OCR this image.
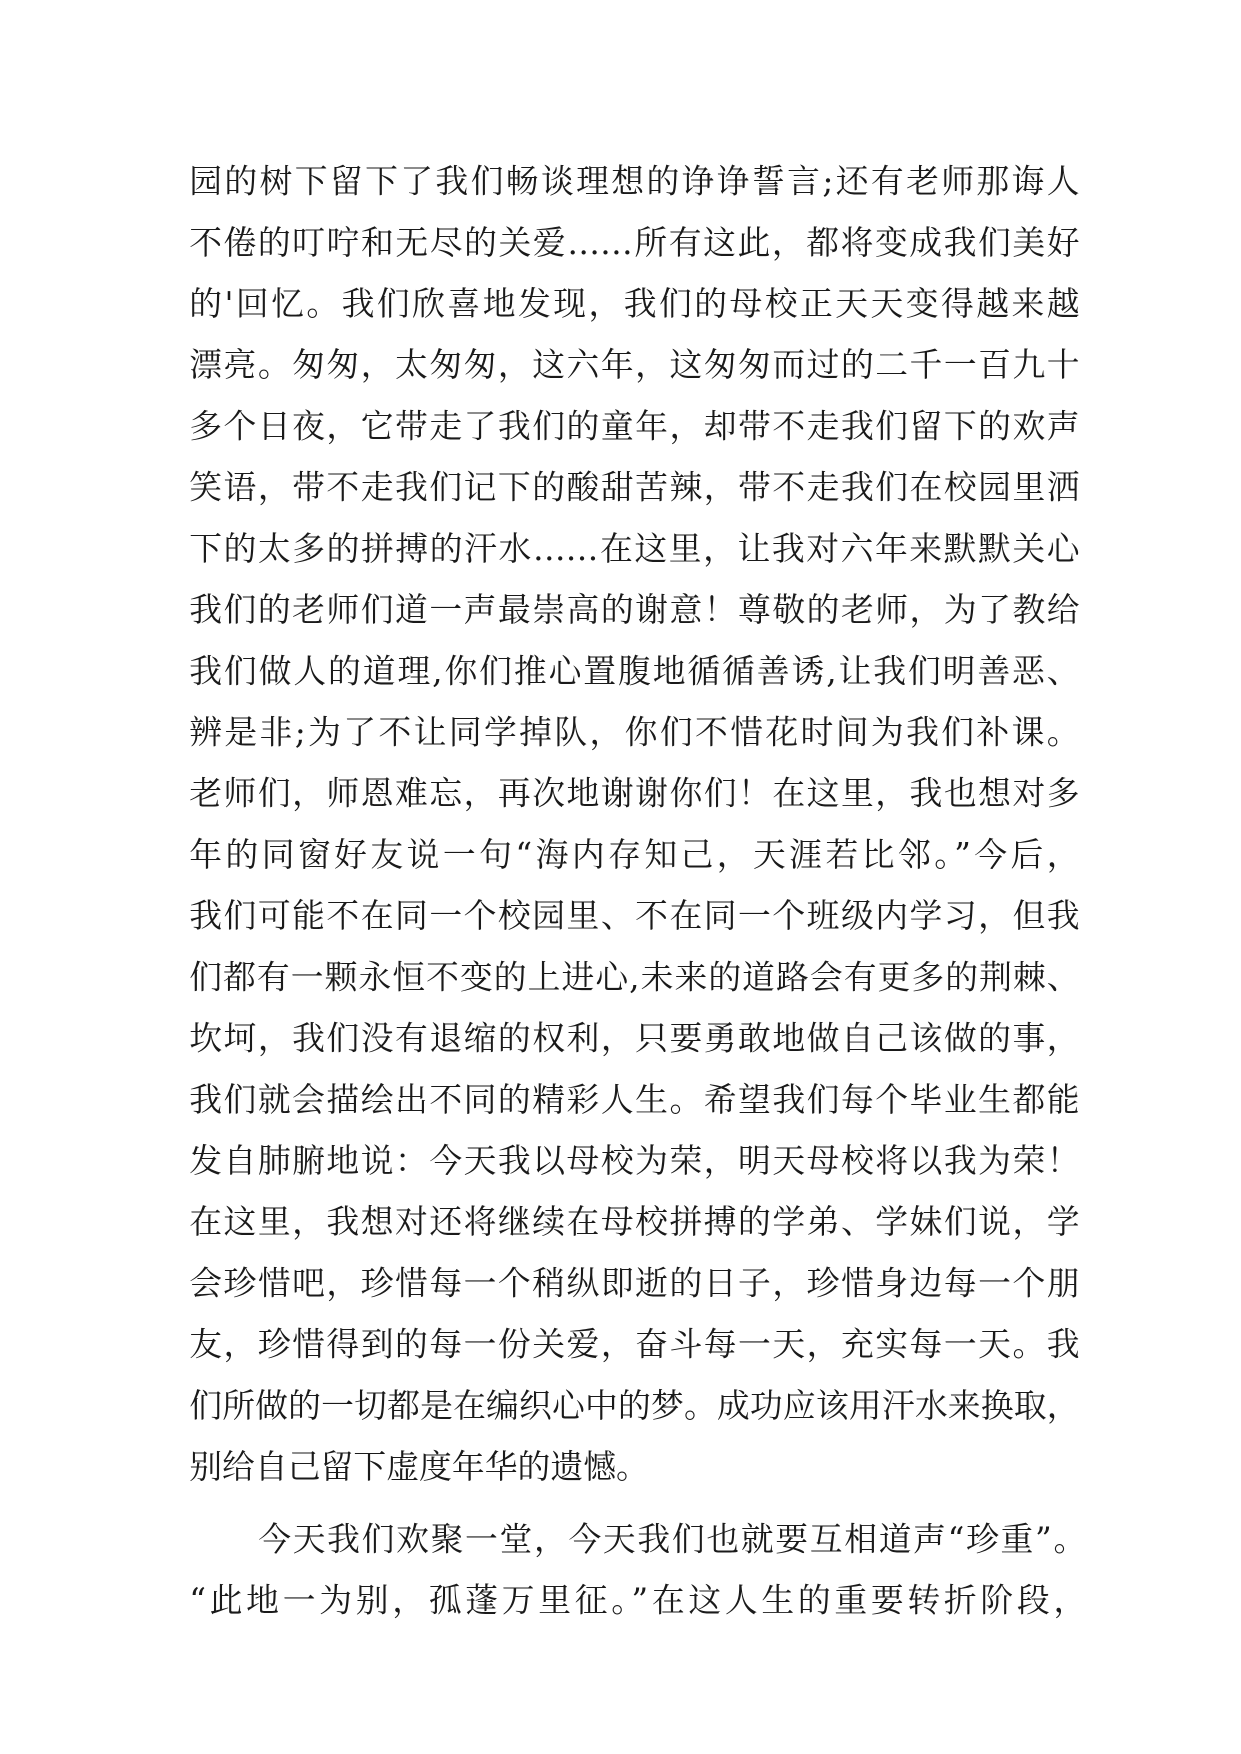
园的树下留下了我们畅谈理想的诤诤誓言;还有老师那诲人

不倦的叮咛和无尽的关爱……所有这此，都将变成我们美好

的'回忆。我们欣喜地发现，我们的母校正天天变得越来越

漂亮。匆匆，太匆匆，这六年，这匆匆而过的二千一百九十

多个日夜，它带走了我们的童年，却带不走我们留下的欢声

笑语，带不走我们记下的酸甜苦辣，带不走我们在校园里洒

下的太多的拼搏的汗水……在这里，让我对六年来默默关心

我们的老师们道一声最崇高的谢意！尊敬的老师，为了教给

我们做人的道理,你们推心置腹地循循善诱,让我们明善恶、

辨是非;为了不让同学掉队，你们不惜花时间为我们补课。

老师们，师恩难忘，再次地谢谢你们！在这里，我也想对多

年的同窗好友说一句“海内存知己，天涯若比邻。”今后，

我们可能不在同一个校园里、不在同一个班级内学习，但我

们都有一颗永恒不变的上进心,未来的道路会有更多的荆棘、

坎坷，我们没有退缩的权利，只要勇敢地做自己该做的事，

我们就会描绘出不同的精彩人生。希望我们每个毕业生都能

发自肺腑地说：今天我以母校为荣，明天母校将以我为荣！

在这里，我想对还将继续在母校拼搏的学弟、学妹们说，学

会珍惜吧，珍惜每一个稍纵即逝的日子，珍惜身边每一个朋

友，珍惜得到的每一份关爱，奋斗每一天，充实每一天。我

们所做的一切都是在编织心中的梦。成功应该用汗水来换取，

别给自己留下虚度年华的遗憾。

今天我们欢聚一堂，今天我们也就要互相道声“珍重”。

“此地一为别，孤蓬万里征。”在这人生的重要转折阶段，
